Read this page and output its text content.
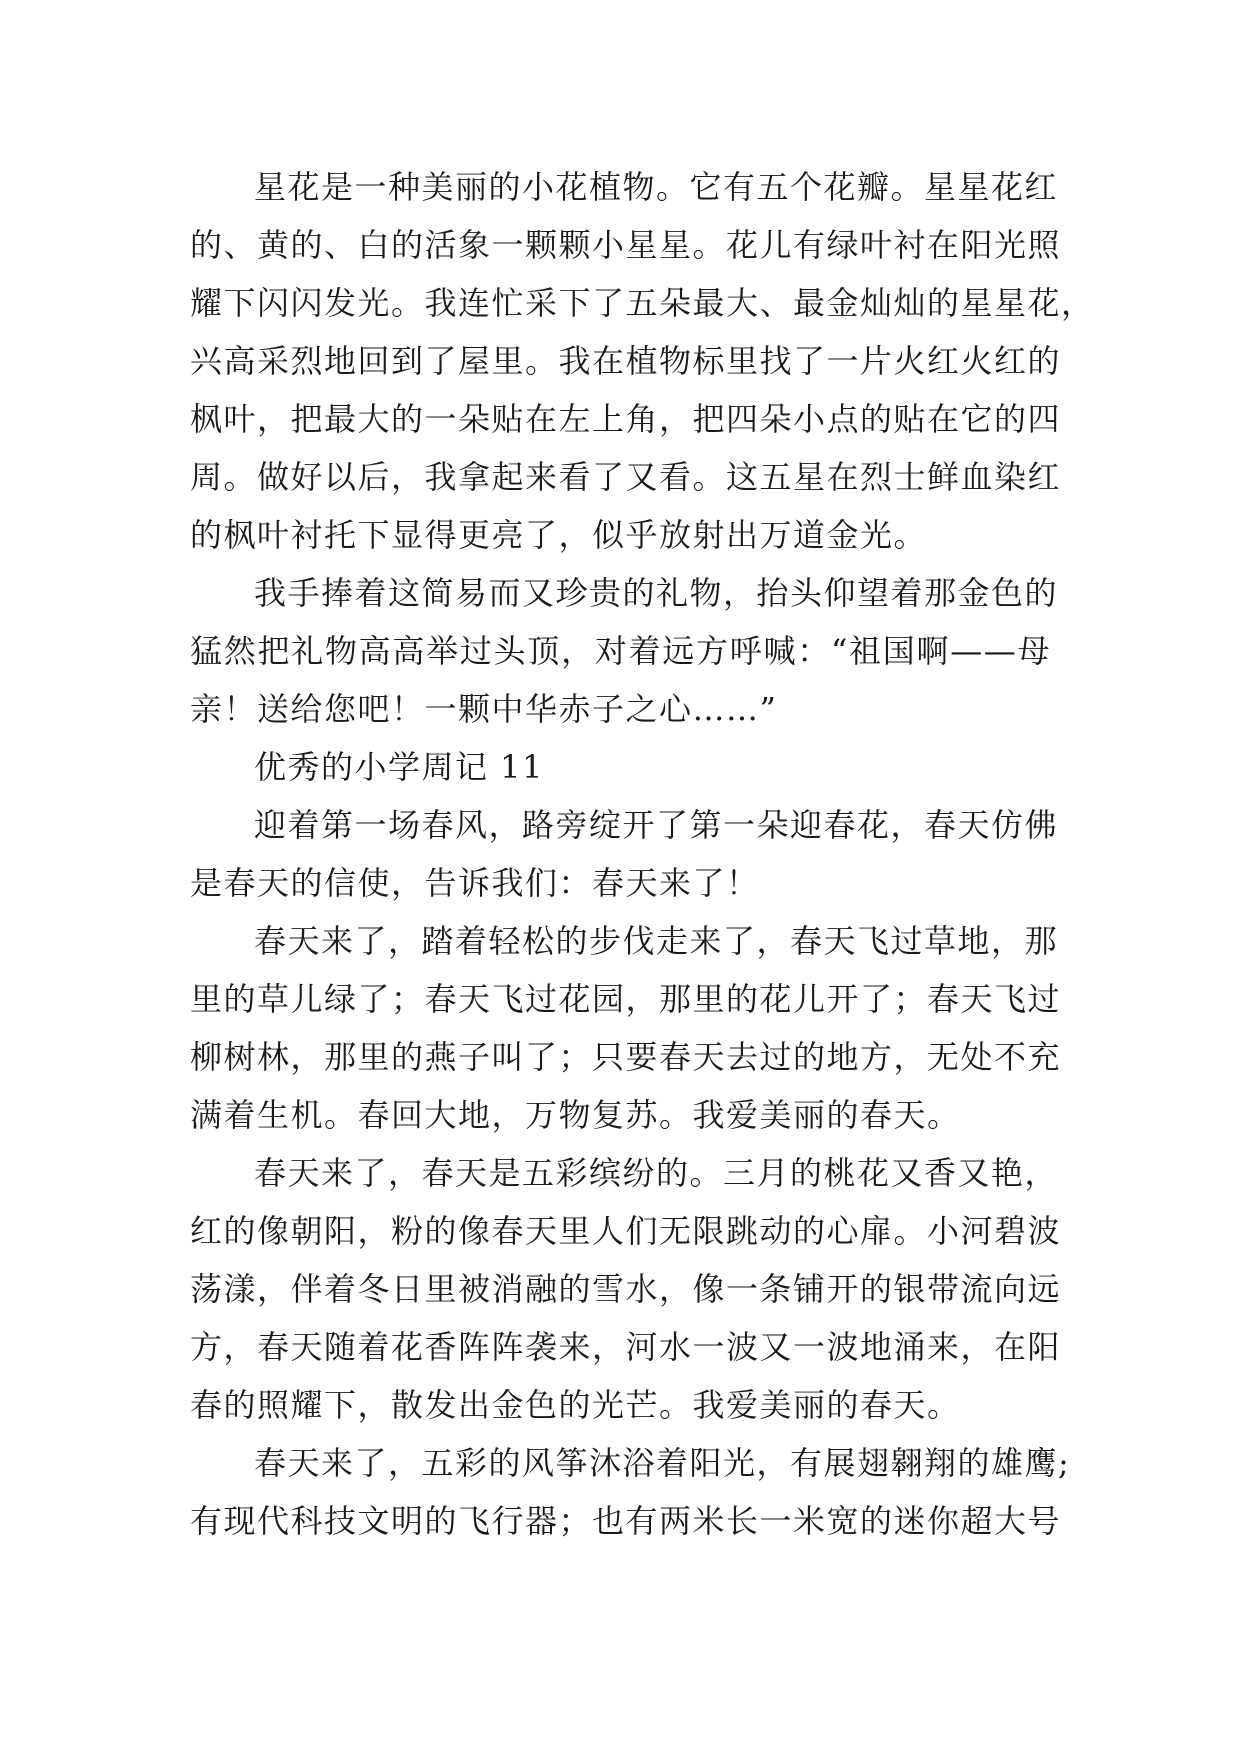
星花是一种美丽的小花植物。它有五个花瓣。星星花红
的、黄的、白的活象一颗颗小星星。花儿有绿叶衬在阳光照
耀下闪闪发光。我连忙采下了五朵最大、最金灿灿的星星花，
兴高采烈地回到了屋里。我在植物标里找了一片火红火红的
枫叶，把最大的一朵贴在左上角，把四朵小点的贴在它的四
周。做好以后，我拿起来看了又看。这五星在烈士鲜血染红
的枫叶衬托下显得更亮了，似乎放射出万道金光。
我手捧着这简易而又珍贵的礼物，抬头仰望着那金色的
猛然把礼物高高举过头顶，对着远方呼喊：“祖国啊——母
亲！送给您吧！一颗中华赤子之心……”
优秀的小学周记 11
迎着第一场春风，路旁绽开了第一朵迎春花，春天仿佛
是春天的信使，告诉我们：春天来了！
春天来了，踏着轻松的步伐走来了，春天飞过草地，那
里的草儿绿了；春天飞过花园，那里的花儿开了；春天飞过
柳树林，那里的燕子叫了；只要春天去过的地方，无处不充
满着生机。春回大地，万物复苏。我爱美丽的春天。
春天来了，春天是五彩缤纷的。三月的桃花又香又艳，
红的像朝阳，粉的像春天里人们无限跳动的心扉。小河碧波
荡漾，伴着冬日里被消融的雪水，像一条铺开的银带流向远
方，春天随着花香阵阵袭来，河水一波又一波地涌来，在阳
春的照耀下，散发出金色的光芒。我爱美丽的春天。
春天来了，五彩的风筝沐浴着阳光，有展翅翱翔的雄鹰;
有现代科技文明的飞行器；也有两米长一米宽的迷你超大号
